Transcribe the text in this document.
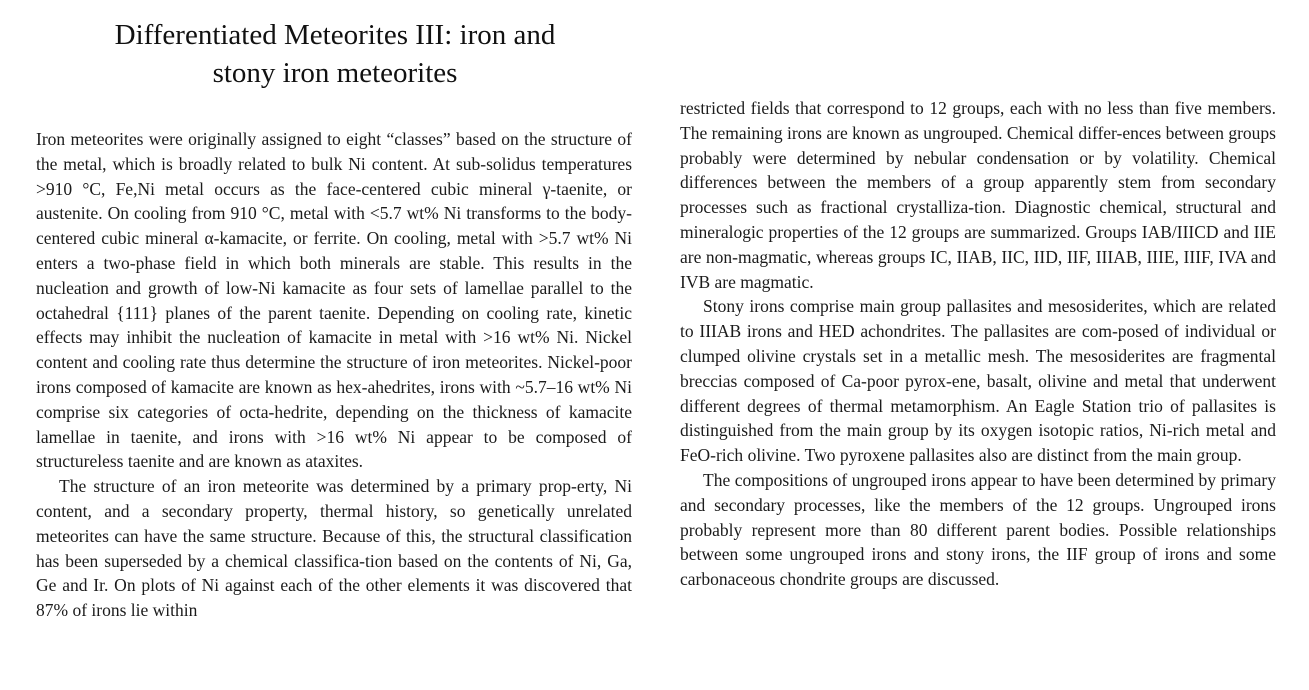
Differentiated Meteorites III: iron and
stony iron meteorites

Iron meteorites were originally assigned to eight “classes” based on the structure of the metal, which is broadly related to bulk Ni content. At sub-solidus temperatures >910 °C, Fe,Ni metal occurs as the face-centered cubic mineral γ-taenite, or austenite. On cooling from 910 °C, metal with <5.7 wt% Ni transforms to the body-centered cubic mineral α-kamacite, or ferrite. On cooling, metal with >5.7 wt% Ni enters a two-phase field in which both minerals are stable. This results in the nucleation and growth of low-Ni kamacite as four sets of lamellae parallel to the octahedral {111} planes of the parent taenite. Depending on cooling rate, kinetic effects may inhibit the nucleation of kamacite in metal with >16 wt% Ni. Nickel content and cooling rate thus determine the structure of iron meteorites. Nickel-poor irons composed of kamacite are known as hex-ahedrites, irons with ~5.7–16 wt% Ni comprise six categories of octa-hedrite, depending on the thickness of kamacite lamellae in taenite, and irons with >16 wt% Ni appear to be composed of structureless taenite and are known as ataxites.

The structure of an iron meteorite was determined by a primary prop-erty, Ni content, and a secondary property, thermal history, so genetically unrelated meteorites can have the same structure. Because of this, the structural classification has been superseded by a chemical classifica-tion based on the contents of Ni, Ga, Ge and Ir. On plots of Ni against each of the other elements it was discovered that 87% of irons lie within

restricted fields that correspond to 12 groups, each with no less than five members. The remaining irons are known as ungrouped. Chemical differ-ences between groups probably were determined by nebular condensation or by volatility. Chemical differences between the members of a group apparently stem from secondary processes such as fractional crystalliza-tion. Diagnostic chemical, structural and mineralogic properties of the 12 groups are summarized. Groups IAB/IIICD and IIE are non-magmatic, whereas groups IC, IIAB, IIC, IID, IIF, IIIAB, IIIE, IIIF, IVA and IVB are magmatic.

Stony irons comprise main group pallasites and mesosiderites, which are related to IIIAB irons and HED achondrites. The pallasites are com-posed of individual or clumped olivine crystals set in a metallic mesh. The mesosiderites are fragmental breccias composed of Ca-poor pyrox-ene, basalt, olivine and metal that underwent different degrees of thermal metamorphism. An Eagle Station trio of pallasites is distinguished from the main group by its oxygen isotopic ratios, Ni-rich metal and FeO-rich olivine. Two pyroxene pallasites also are distinct from the main group.

The compositions of ungrouped irons appear to have been determined by primary and secondary processes, like the members of the 12 groups. Ungrouped irons probably represent more than 80 different parent bodies. Possible relationships between some ungrouped irons and stony irons, the IIF group of irons and some carbonaceous chondrite groups are discussed.
